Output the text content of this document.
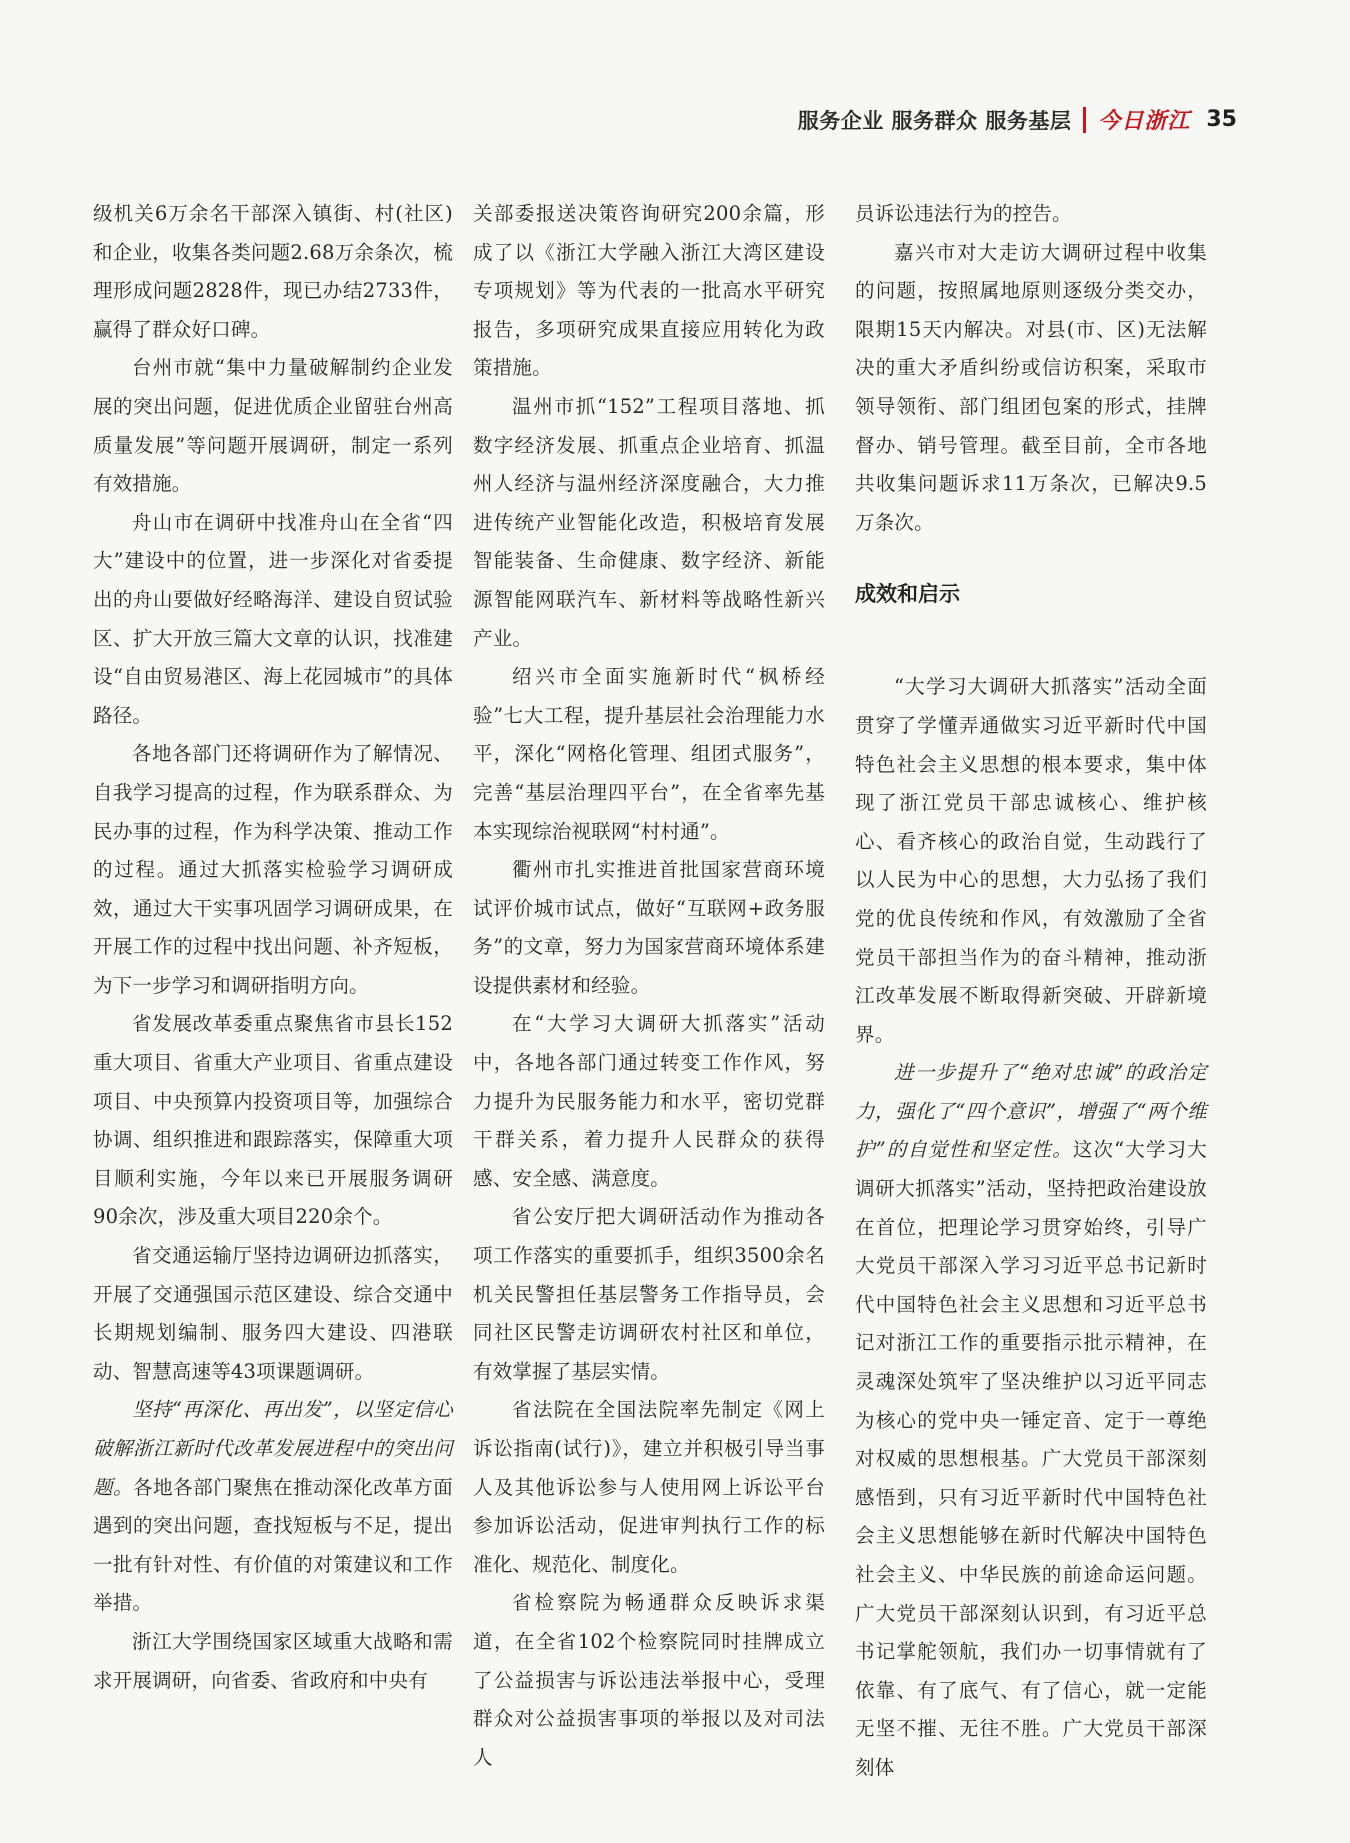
服务企业 服务群众 服务基层 今日浙江 35

级机关6万余名干部深入镇街、村(社区)和企业，收集各类问题2.68万余条次，梳理形成问题2828件，现已办结2733件，赢得了群众好口碑。

台州市就“集中力量破解制约企业发展的突出问题，促进优质企业留驻台州高质量发展”等问题开展调研，制定一系列有效措施。

舟山市在调研中找准舟山在全省“四大”建设中的位置，进一步深化对省委提出的舟山要做好经略海洋、建设自贸试验区、扩大开放三篇大文章的认识，找准建设“自由贸易港区、海上花园城市”的具体路径。

各地各部门还将调研作为了解情况、自我学习提高的过程，作为联系群众、为民办事的过程，作为科学决策、推动工作的过程。通过大抓落实检验学习调研成效，通过大干实事巩固学习调研成果，在开展工作的过程中找出问题、补齐短板，为下一步学习和调研指明方向。

省发展改革委重点聚焦省市县长152重大项目、省重大产业项目、省重点建设项目、中央预算内投资项目等，加强综合协调、组织推进和跟踪落实，保障重大项目顺利实施，今年以来已开展服务调研90余次，涉及重大项目220余个。

省交通运输厅坚持边调研边抓落实，开展了交通强国示范区建设、综合交通中长期规划编制、服务四大建设、四港联动、智慧高速等43项课题调研。

坚持“再深化、再出发”，以坚定信心破解浙江新时代改革发展进程中的突出问题。各地各部门聚焦在推动深化改革方面遇到的突出问题，查找短板与不足，提出一批有针对性、有价值的对策建议和工作举措。

浙江大学围绕国家区域重大战略和需求开展调研，向省委、省政府和中央有

关部委报送决策咨询研究200余篇，形成了以《浙江大学融入浙江大湾区建设专项规划》等为代表的一批高水平研究报告，多项研究成果直接应用转化为政策措施。

温州市抓“152”工程项目落地、抓数字经济发展、抓重点企业培育、抓温州人经济与温州经济深度融合，大力推进传统产业智能化改造，积极培育发展智能装备、生命健康、数字经济、新能源智能网联汽车、新材料等战略性新兴产业。

绍兴市全面实施新时代“枫桥经验”七大工程，提升基层社会治理能力水平，深化“网格化管理、组团式服务”，完善“基层治理四平台”，在全省率先基本实现综治视联网“村村通”。

衢州市扎实推进首批国家营商环境试评价城市试点，做好“互联网+政务服务”的文章，努力为国家营商环境体系建设提供素材和经验。

在“大学习大调研大抓落实”活动中，各地各部门通过转变工作作风，努力提升为民服务能力和水平，密切党群干群关系，着力提升人民群众的获得感、安全感、满意度。

省公安厅把大调研活动作为推动各项工作落实的重要抓手，组织3500余名机关民警担任基层警务工作指导员，会同社区民警走访调研农村社区和单位，有效掌握了基层实情。

省法院在全国法院率先制定《网上诉讼指南(试行)》，建立并积极引导当事人及其他诉讼参与人使用网上诉讼平台参加诉讼活动，促进审判执行工作的标准化、规范化、制度化。

省检察院为畅通群众反映诉求渠道，在全省102个检察院同时挂牌成立了公益损害与诉讼违法举报中心，受理群众对公益损害事项的举报以及对司法人

员诉讼违法行为的控告。

嘉兴市对大走访大调研过程中收集的问题，按照属地原则逐级分类交办，限期15天内解决。对县(市、区)无法解决的重大矛盾纠纷或信访积案，采取市领导领衔、部门组团包案的形式，挂牌督办、销号管理。截至目前，全市各地共收集问题诉求11万条次，已解决9.5万条次。

成效和启示

“大学习大调研大抓落实”活动全面贯穿了学懂弄通做实习近平新时代中国特色社会主义思想的根本要求，集中体现了浙江党员干部忠诚核心、维护核心、看齐核心的政治自觉，生动践行了以人民为中心的思想，大力弘扬了我们党的优良传统和作风，有效激励了全省党员干部担当作为的奋斗精神，推动浙江改革发展不断取得新突破、开辟新境界。

进一步提升了“绝对忠诚”的政治定力，强化了“四个意识”，增强了“两个维护”的自觉性和坚定性。这次“大学习大调研大抓落实”活动，坚持把政治建设放在首位，把理论学习贯穿始终，引导广大党员干部深入学习习近平总书记新时代中国特色社会主义思想和习近平总书记对浙江工作的重要指示批示精神，在灵魂深处筑牢了坚决维护以习近平同志为核心的党中央一锤定音、定于一尊绝对权威的思想根基。广大党员干部深刻感悟到，只有习近平新时代中国特色社会主义思想能够在新时代解决中国特色社会主义、中华民族的前途命运问题。广大党员干部深刻认识到，有习近平总书记掌舵领航，我们办一切事情就有了依靠、有了底气、有了信心，就一定能无坚不摧、无往不胜。广大党员干部深刻体
